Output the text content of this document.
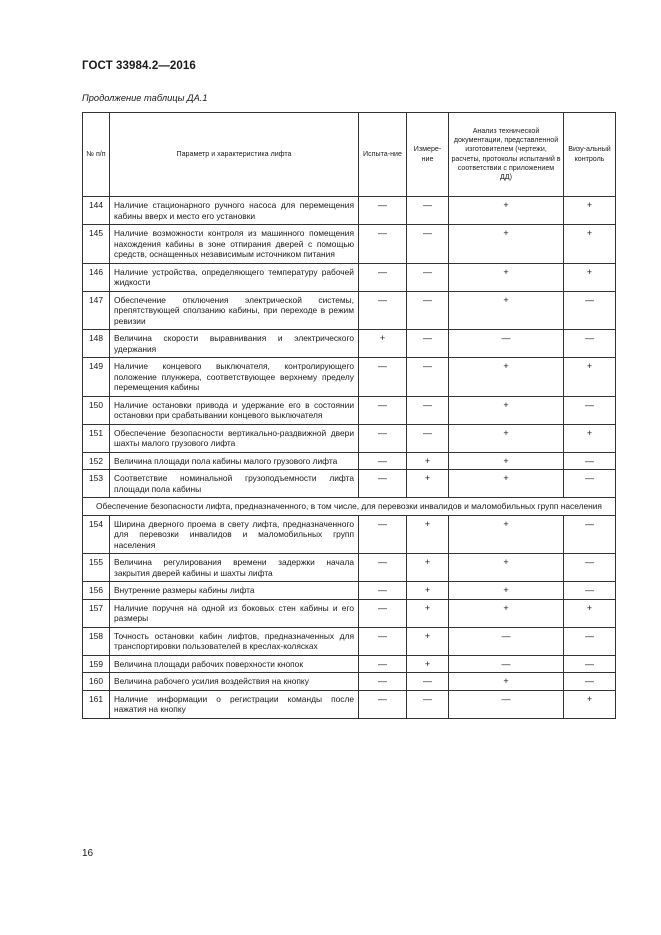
ГОСТ 33984.2—2016
Продолжение таблицы ДА.1
№ п/п	Параметр и характеристика лифта	Испыта-ние	Измере-ние	Анализ технической документации, представленной изготовителем (чертежи, расчеты, протоколы испытаний в соответствии с приложением ДД)	Визу-альный контроль
144	Наличие стационарного ручного насоса для перемещения кабины вверх и место его установки	—	—	+	+
145	Наличие возможности контроля из машинного помещения нахождения кабины в зоне отпирания дверей с помощью средств, оснащенных независимым источником питания	—	—	+	+
146	Наличие устройства, определяющего температуру рабочей жидкости	—	—	+	+
147	Обеспечение отключения электрической системы, препятствующей сползанию кабины, при переходе в режим ревизии	—	—	+	—
148	Величина скорости выравнивания и электрического удержания	+	—	—	—
149	Наличие концевого выключателя, контролирующего положение плунжера, соответствующее верхнему пределу перемещения кабины	—	—	+	+
150	Наличие остановки привода и удержание его в состоянии остановки при срабатывании концевого выключателя	—	—	+	—
151	Обеспечение безопасности вертикально-раздвижной двери шахты малого грузового лифта	—	—	+	+
152	Величина площади пола кабины малого грузового лифта	—	+	+	—
153	Соответствие номинальной грузоподъемности лифта площади пола кабины	—	+	+	—
Обеспечение безопасности лифта, предназначенного, в том числе, для перевозки инвалидов и маломобильных групп населения					
154	Ширина дверного проема в свету лифта, предназначенного для перевозки инвалидов и маломобильных групп населения	—	+	+	—
155	Величина регулирования времени задержки начала закрытия дверей кабины и шахты лифта	—	+	+	—
156	Внутренние размеры кабины лифта	—	+	+	—
157	Наличие поручня на одной из боковых стен кабины и его размеры	—	+	+	+
158	Точность остановки кабин лифтов, предназначенных для транспортировки пользователей в креслах-колясках	—	+	—	—
159	Величина площади рабочих поверхности кнопок	—	+	—	—
160	Величина рабочего усилия воздействия на кнопку	—	—	+	—
161	Наличие информации о регистрации команды после нажатия на кнопку	—	—	—	+
16
